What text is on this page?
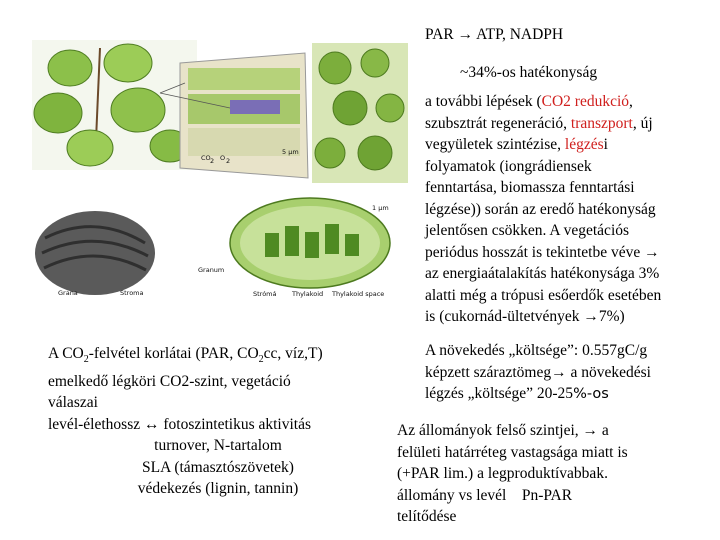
PAR → ATP, NADPH
~34%-os hatékonyság
a további lépések (CO2 redukció,
szubsztrát regeneráció, transzport, új
vegyületek szintézise, légzési
folyamatok (iongrádiensek
fenntartása, biomassza fenntartási
légzése)) során az eredő hatékonyság
jelentősen csökken. A vegetációs
periódus hosszát is tekintetbe véve →
az energiaátalakítás hatékonysága 3%
alatti még a trópusi esőerdők esetében
is (cukornád-ültetvények →7%)
A növekedés „költsége”: 0.557gC/g
képzett száraztömeg→ a növekedési
légzés „költsége” 20-25%-os
Az állományok felső szintjei, → a
felületi határréteg vastagsága miatt is
(+PAR lim.) a legproduktívabbak.
állomány vs levél    Pn-PAR
telítődése
A $CO_2$-felvétel korlátai (PAR, $CO_2cc$, víz,T)
emelkedő légköri CO2-szint, vegetáció
válaszai
levél-élethossz ↔ fotoszintetikus aktivitás
turnover, N-tartalom
SLA (támasztószövetek)
védekezés (lignin, tannin)
CO 2 O 2
5 µm
Stroma
Grana
Granum
Strómá Thylakoid Thylakoid space
1 µm
